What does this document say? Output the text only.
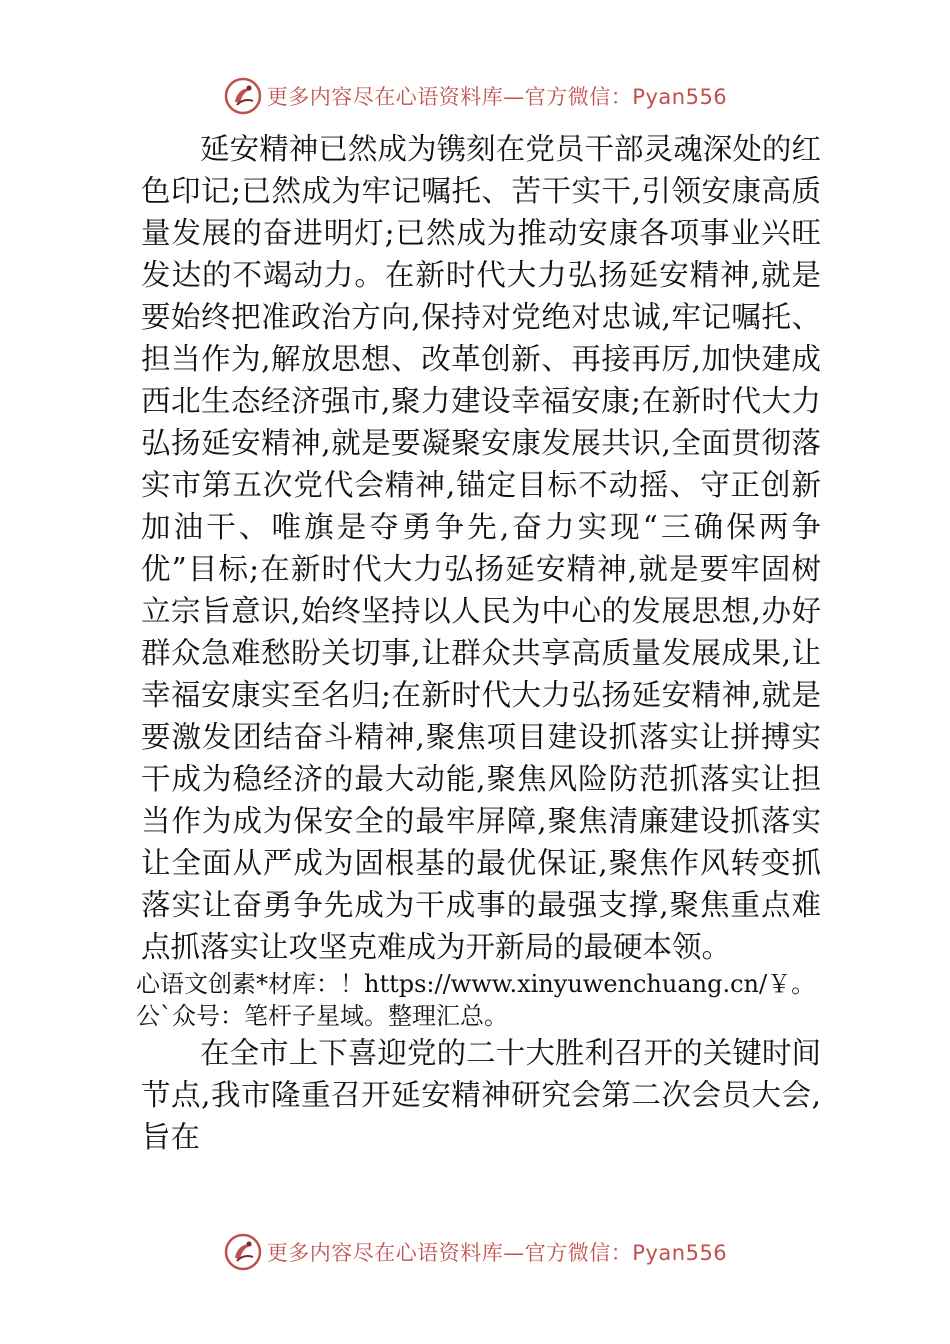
更多内容尽在心语资料库—官方微信：Pyan556

延安精神已然成为镌刻在党员干部灵魂深处的红色印记;已然成为牢记嘱托、苦干实干,引领安康高质量发展的奋进明灯;已然成为推动安康各项事业兴旺发达的不竭动力。在新时代大力弘扬延安精神,就是要始终把准政治方向,保持对党绝对忠诚,牢记嘱托、担当作为,解放思想、改革创新、再接再厉,加快建成西北生态经济强市,聚力建设幸福安康;在新时代大力弘扬延安精神,就是要凝聚安康发展共识,全面贯彻落实市第五次党代会精神,锚定目标不动摇、守正创新加油干、唯旗是夺勇争先,奋力实现“三确保两争优”目标;在新时代大力弘扬延安精神,就是要牢固树立宗旨意识,始终坚持以人民为中心的发展思想,办好群众急难愁盼关切事,让群众共享高质量发展成果,让幸福安康实至名归;在新时代大力弘扬延安精神,就是要激发团结奋斗精神,聚焦项目建设抓落实让拼搏实干成为稳经济的最大动能,聚焦风险防范抓落实让担当作为成为保安全的最牢屏障,聚焦清廉建设抓落实让全面从严成为固根基的最优保证,聚焦作风转变抓落实让奋勇争先成为干成事的最强支撑,聚焦重点难点抓落实让攻坚克难成为开新局的最硬本领。

心语文创素*材库：！https://www.xinyuwenchuang.cn/￥。公`众号：笔杆子星域。整理汇总。

在全市上下喜迎党的二十大胜利召开的关键时间节点,我市隆重召开延安精神研究会第二次会员大会,旨在

更多内容尽在心语资料库—官方微信：Pyan556
